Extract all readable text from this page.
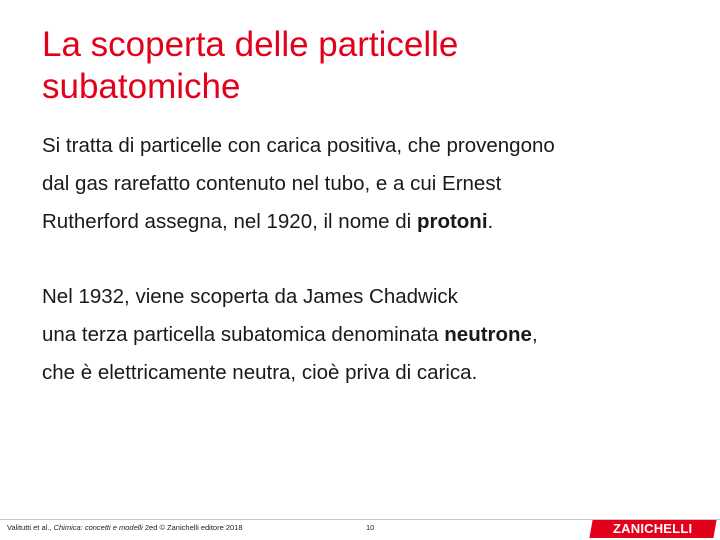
La scoperta delle particelle
subatomiche
Si tratta di particelle con carica positiva, che provengono
dal gas rarefatto contenuto nel tubo, e a cui Ernest
Rutherford assegna, nel 1920, il nome di protoni.
Nel 1932, viene scoperta da James Chadwick
una terza particella subatomica denominata neutrone,
che è elettricamente neutra, cioè priva di carica.
Valitutti et al., Chimica: concetti e modelli 2ed © Zanichelli editore 2018	10	ZANICHELLI
